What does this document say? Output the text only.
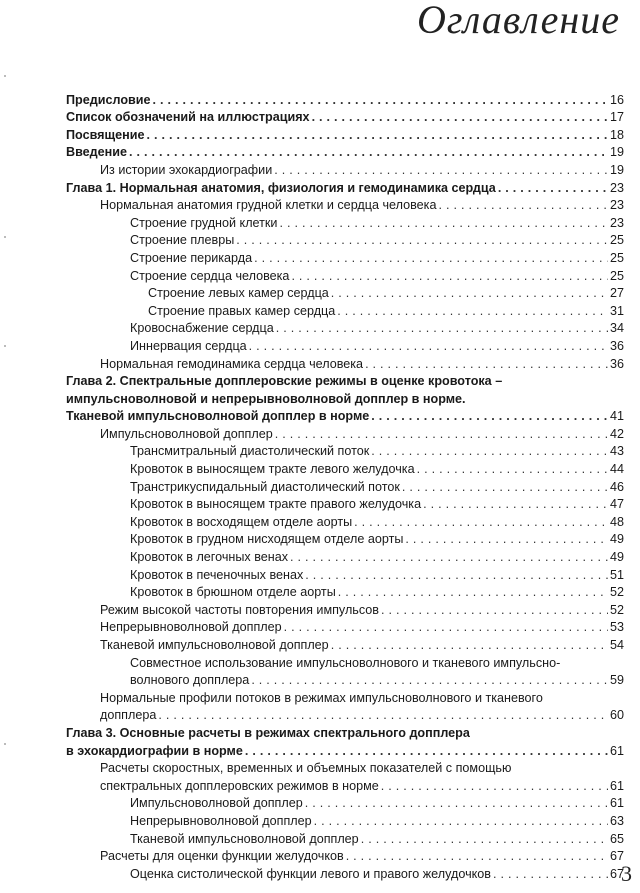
Оглавление
Предисловие . . .	16
Список обозначений на иллюстрациях . . .	17
Посвящение . . .	18
Введение . . .	19
Из истории эхокардиографии . . .	19
Глава 1. Нормальная анатомия, физиология и гемодинамика сердца . . .	23
Нормальная анатомия грудной клетки и сердца человека . . .	23
Строение грудной клетки . . .	23
Строение плевры . . .	25
Строение перикарда . . .	25
Строение сердца человека . . .	25
Строение левых камер сердца . . .	27
Строение правых камер сердца . . .	31
Кровоснабжение сердца . . .	34
Иннервация сердца . . .	36
Нормальная гемодинамика сердца человека . . .	36
Глава 2. Спектральные допплеровские режимы в оценке кровотока –
импульсноволновой и непрерывноволновой допплер в норме.
Тканевой импульсноволновой допплер в норме . . .	41
Импульсноволновой допплер . . .	42
Трансмитральный диастолический поток . . .	43
Кровоток в выносящем тракте левого желудочка . . .	44
Транстрикуспидальный диастолический поток . . .	46
Кровоток в выносящем тракте правого желудочка . . .	47
Кровоток в восходящем отделе аорты . . .	48
Кровоток в грудном нисходящем отделе аорты . . .	49
Кровоток в легочных венах . . .	49
Кровоток в печеночных венах . . .	51
Кровоток в брюшном отделе аорты . . .	52
Режим высокой частоты повторения импульсов . . .	52
Непрерывноволновой допплер . . .	53
Тканевой импульсноволновой допплер . . .	54
Совместное использование импульсноволнового и тканевого импульсно-
волнового допплера . . .	59
Нормальные профили потоков в режимах импульсноволнового и тканевого
допплера . . .	60
Глава 3. Основные расчеты в режимах спектрального допплера
в эхокардиографии в норме . . .	61
Расчеты скоростных, временных и объемных показателей с помощью
спектральных допплеровских режимов в норме . . .	61
Импульсноволновой допплер . . .	61
Непрерывноволновой допплер . . .	63
Тканевой импульсноволновой допплер . . .	65
Расчеты для оценки функции желудочков . . .	67
Оценка систолической функции левого и правого желудочков . . .	67
3
